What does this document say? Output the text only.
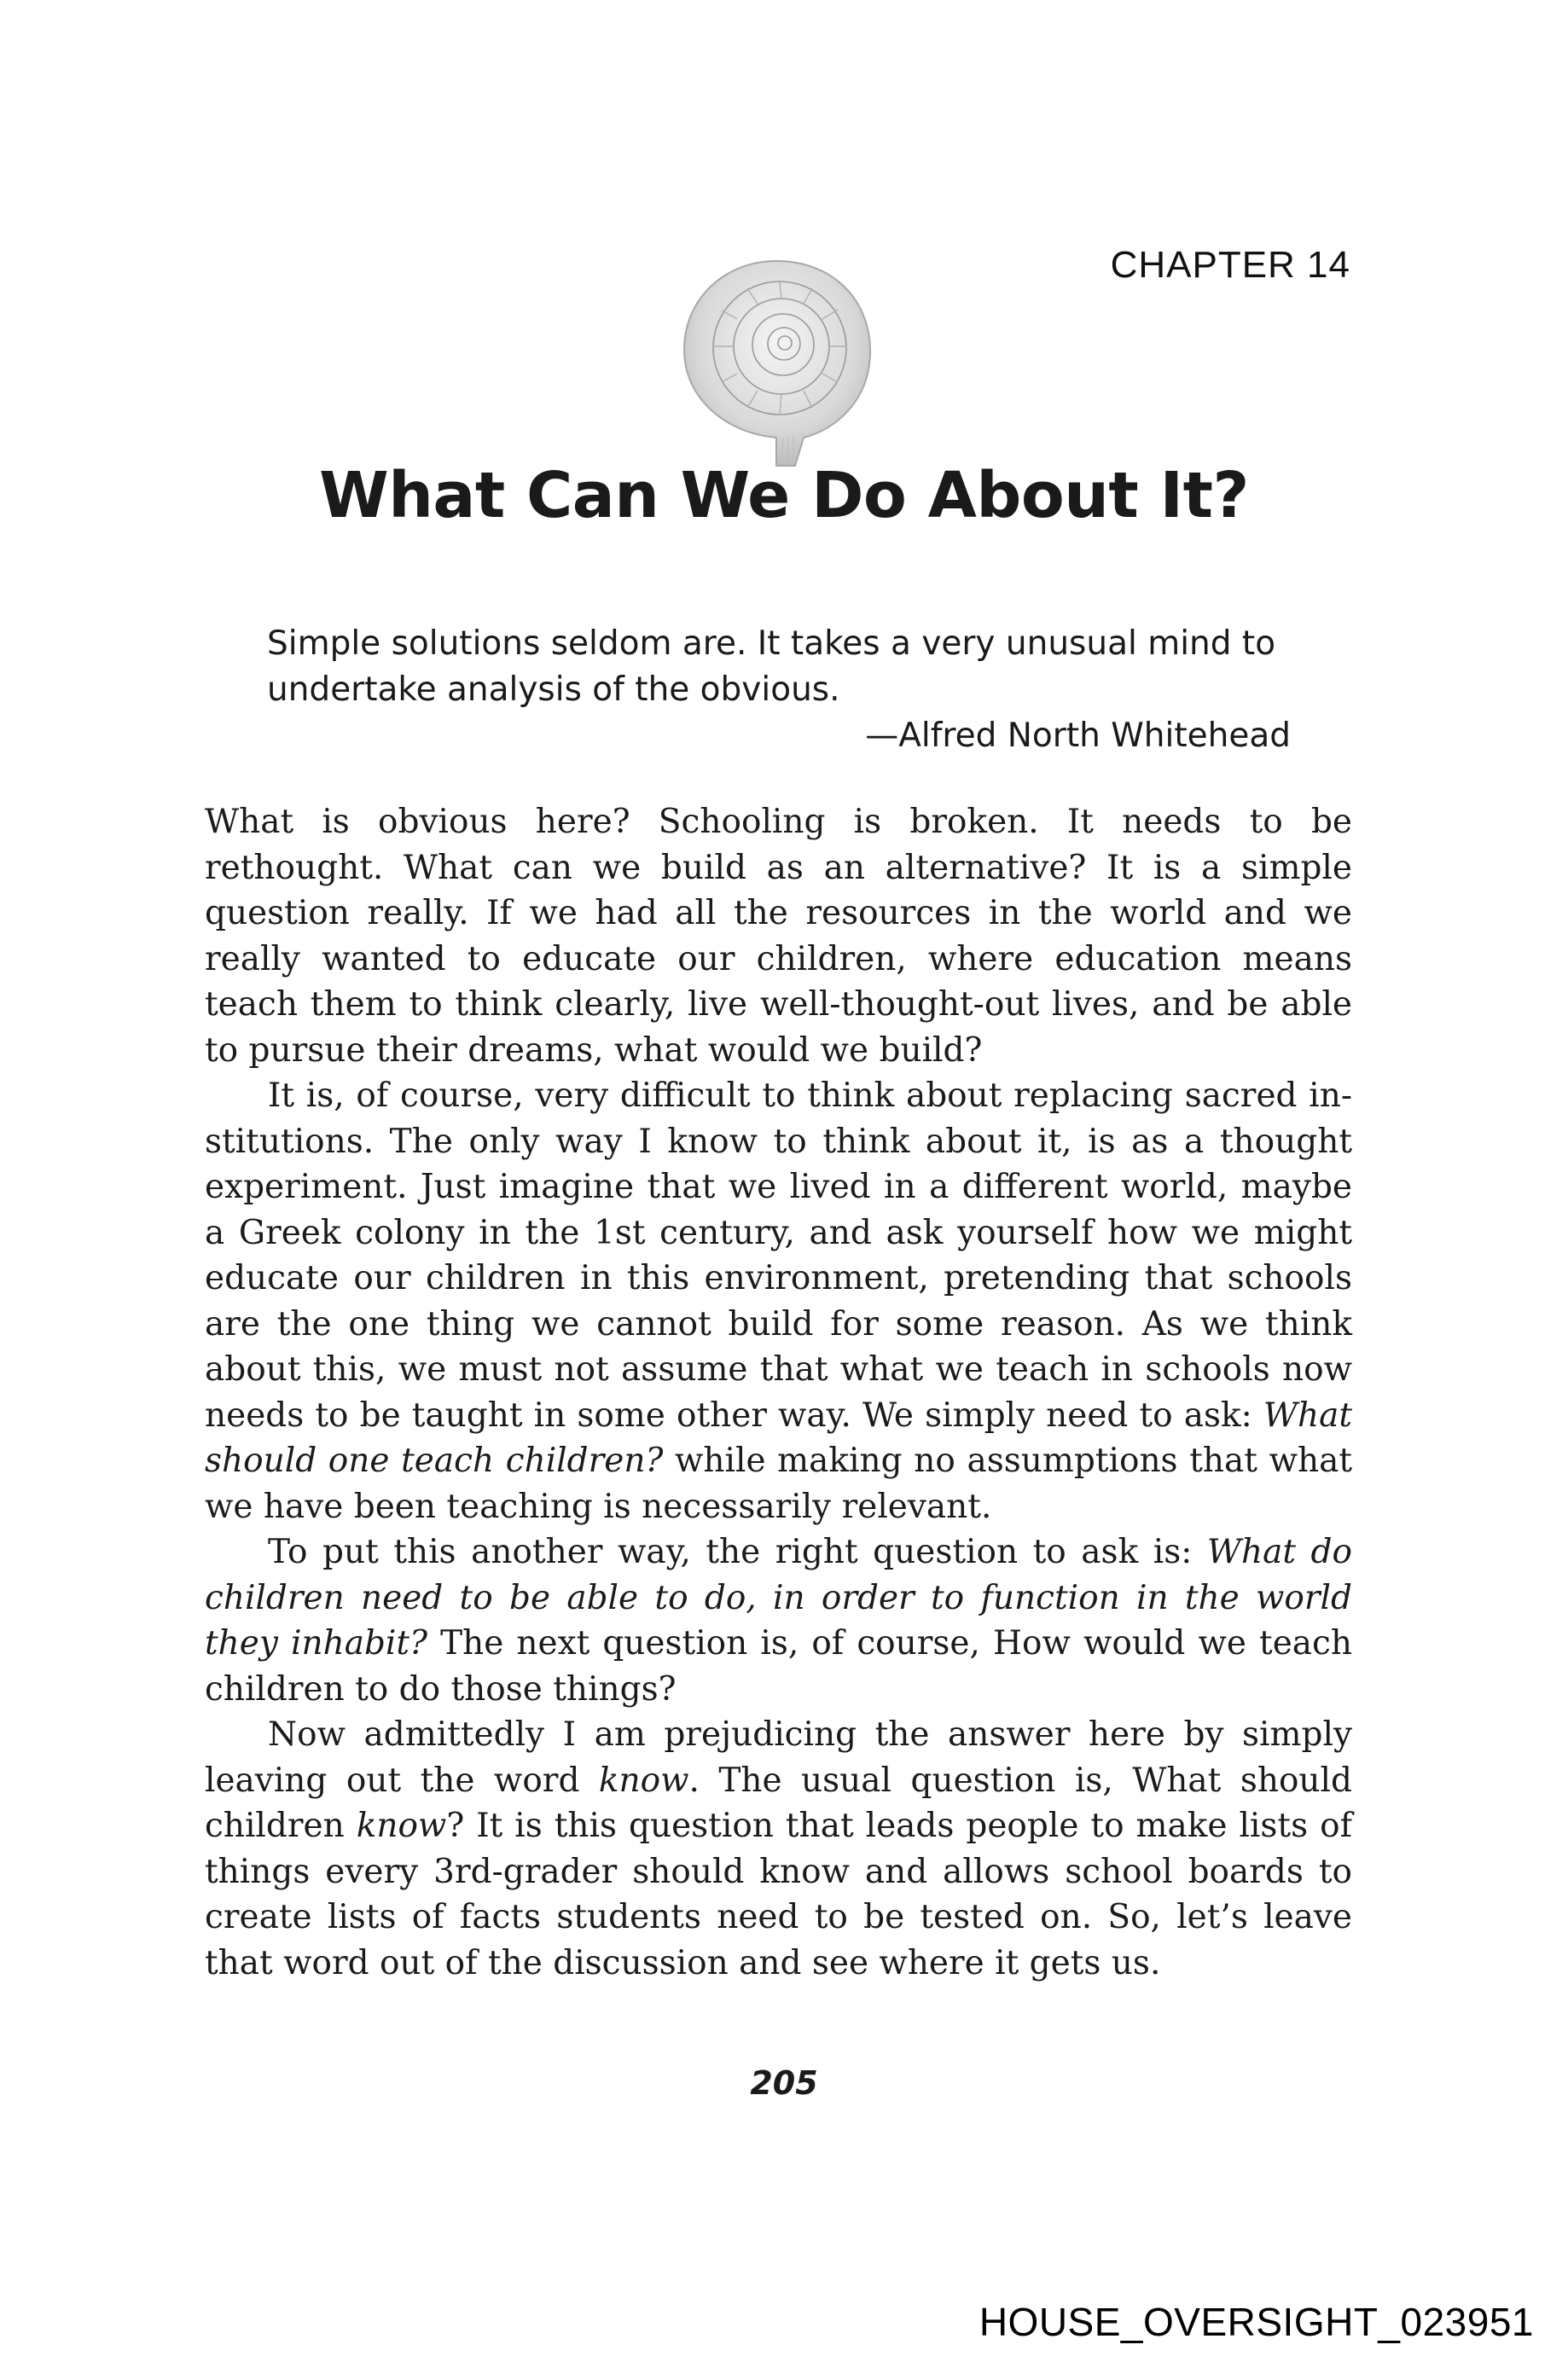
CHAPTER 14
What Can We Do About It?
Simple solutions seldom are. It takes a very unusual mind to
undertake analysis of the obvious.
—Alfred North Whitehead

What is obvious here? Schooling is broken. It needs to be rethought. What can we build as an alternative? It is a simple question really. If we had all the resources in the world and we really wanted to educate our children, where education means teach them to think clearly, live well-thought-out lives, and be able to pursue their dreams, what would we build?

It is, of course, very difficult to think about replacing sacred institutions. The only way I know to think about it, is as a thought experiment. Just imagine that we lived in a different world, maybe a Greek colony in the 1st century, and ask yourself how we might educate our children in this environment, pretending that schools are the one thing we cannot build for some reason. As we think about this, we must not assume that what we teach in schools now needs to be taught in some other way. We simply need to ask: What should one teach children? while making no assumptions that what we have been teaching is necessarily relevant.

To put this another way, the right question to ask is: What do children need to be able to do, in order to function in the world they inhabit? The next question is, of course, How would we teach children to do those things?

Now admittedly I am prejudicing the answer here by simply leaving out the word know. The usual question is, What should children know? It is this question that leads people to make lists of things every 3rd-grader should know and allows school boards to create lists of facts students need to be tested on. So, let’s leave that word out of the discussion and see where it gets us.

205
HOUSE_OVERSIGHT_023951
